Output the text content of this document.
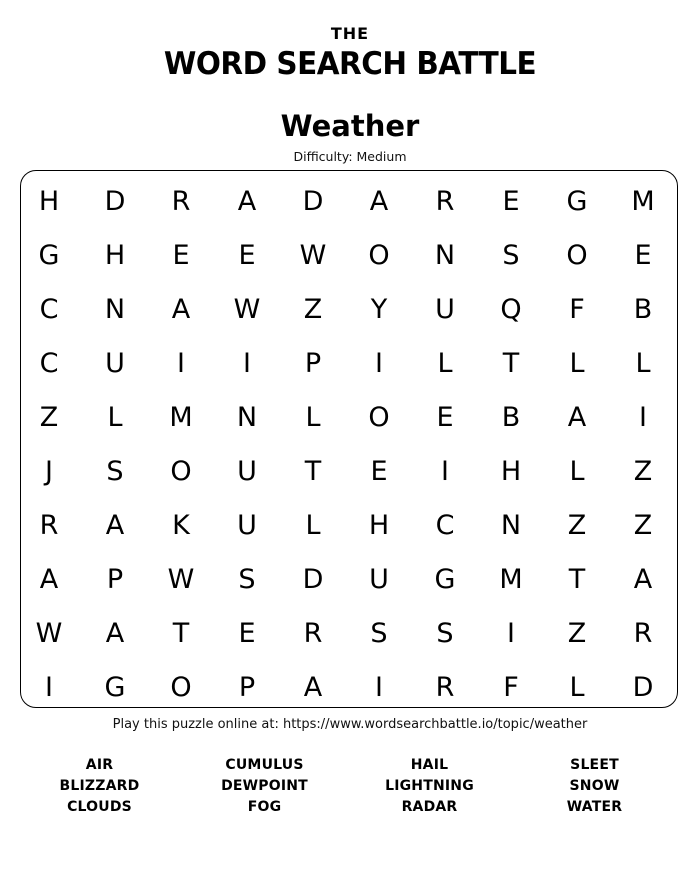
THE
WORD SEARCH BATTLE
Weather
Difficulty: Medium
H	D	R	A	D	A	R	E	G	M
G	H	E	E	W	O	N	S	O	E
C	N	A	W	Z	Y	U	Q	F	B
C	U	I	I	P	I	L	T	L	L
Z	L	M	N	L	O	E	B	A	I
J	S	O	U	T	E	I	H	L	Z
R	A	K	U	L	H	C	N	Z	Z
A	P	W	S	D	U	G	M	T	A
W	A	T	E	R	S	S	I	Z	R
I	G	O	P	A	I	R	F	L	D
Play this puzzle online at: https://www.wordsearchbattle.io/topic/weather
AIR
BLIZZARD
CLOUDS
CUMULUS
DEWPOINT
FOG
HAIL
LIGHTNING
RADAR
SLEET
SNOW
WATER
